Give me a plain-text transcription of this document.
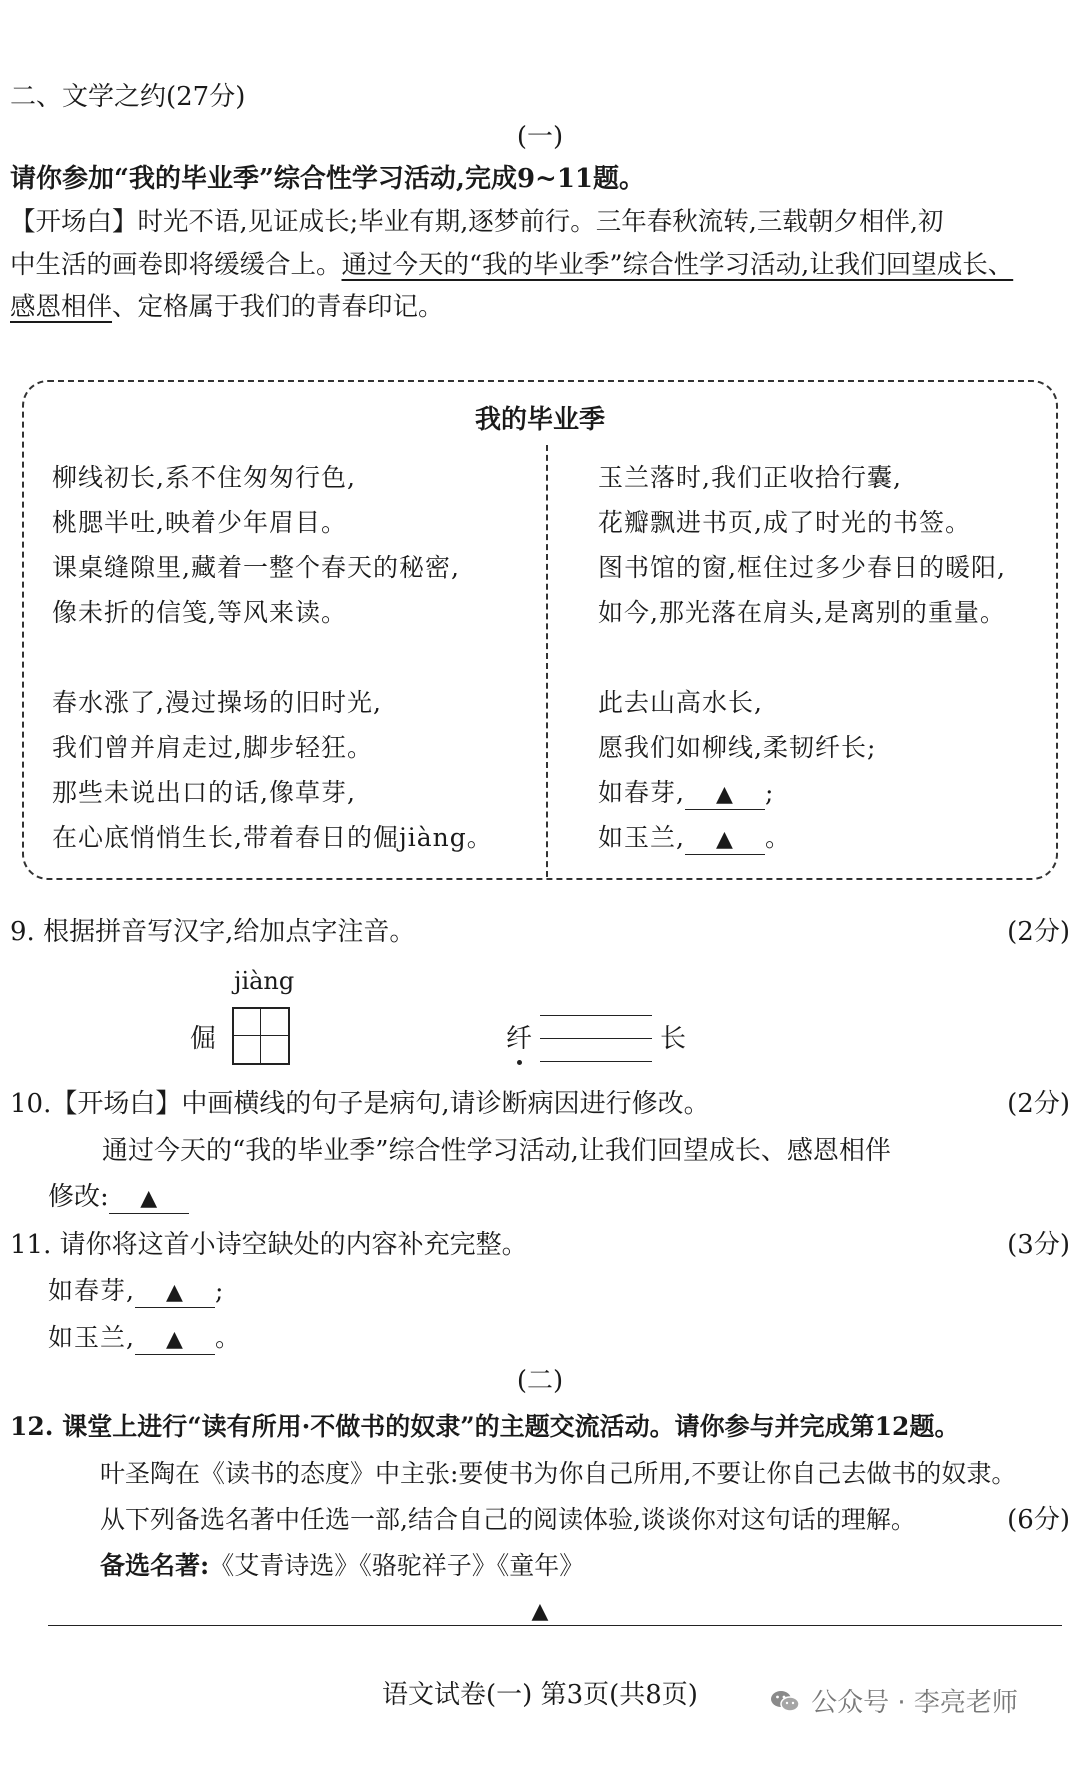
二、文学之约(27分)
(一)
请你参加“我的毕业季”综合性学习活动,完成9~11题。
【开场白】时光不语,见证成长;毕业有期,逐梦前行。三年春秋流转,三载朝夕相伴,初
中生活的画卷即将缓缓合上。通过今天的“我的毕业季”综合性学习活动,让我们回望成长、
感恩相伴、定格属于我们的青春印记。
我的毕业季
柳线初长,系不住匆匆行色,
桃腮半吐,映着少年眉目。
课桌缝隙里,藏着一整个春天的秘密,
像未折的信笺,等风来读。
春水涨了,漫过操场的旧时光,
我们曾并肩走过,脚步轻狂。
那些未说出口的话,像草芽,
在心底悄悄生长,带着春日的倔jiàng。
玉兰落时,我们正收拾行囊,
花瓣飘进书页,成了时光的书签。
图书馆的窗,框住过多少春日的暖阳,
如今,那光落在肩头,是离别的重量。
此去山高水长,
愿我们如柳线,柔韧纤长;
如春芽, ▲ ;
如玉兰, ▲ 。
9. 根据拼音写汉字,给加点字注音。	(2分)
jiàng
倔	纤	长
10.【开场白】中画横线的句子是病句,请诊断病因进行修改。	(2分)
通过今天的“我的毕业季”综合性学习活动,让我们回望成长、感恩相伴
修改: ▲
11. 请你将这首小诗空缺处的内容补充完整。	(3分)
如春芽, ▲ ;
如玉兰, ▲ 。
(二)
12. 课堂上进行“读有所用·不做书的奴隶”的主题交流活动。请你参与并完成第12题。
叶圣陶在《读书的态度》中主张:要使书为你自己所用,不要让你自己去做书的奴隶。
从下列备选名著中任选一部,结合自己的阅读体验,谈谈你对这句话的理解。	(6分)
备选名著:《艾青诗选》《骆驼祥子》《童年》
▲
语文试卷(一) 第3页(共8页)	公众号 · 李亮老师
